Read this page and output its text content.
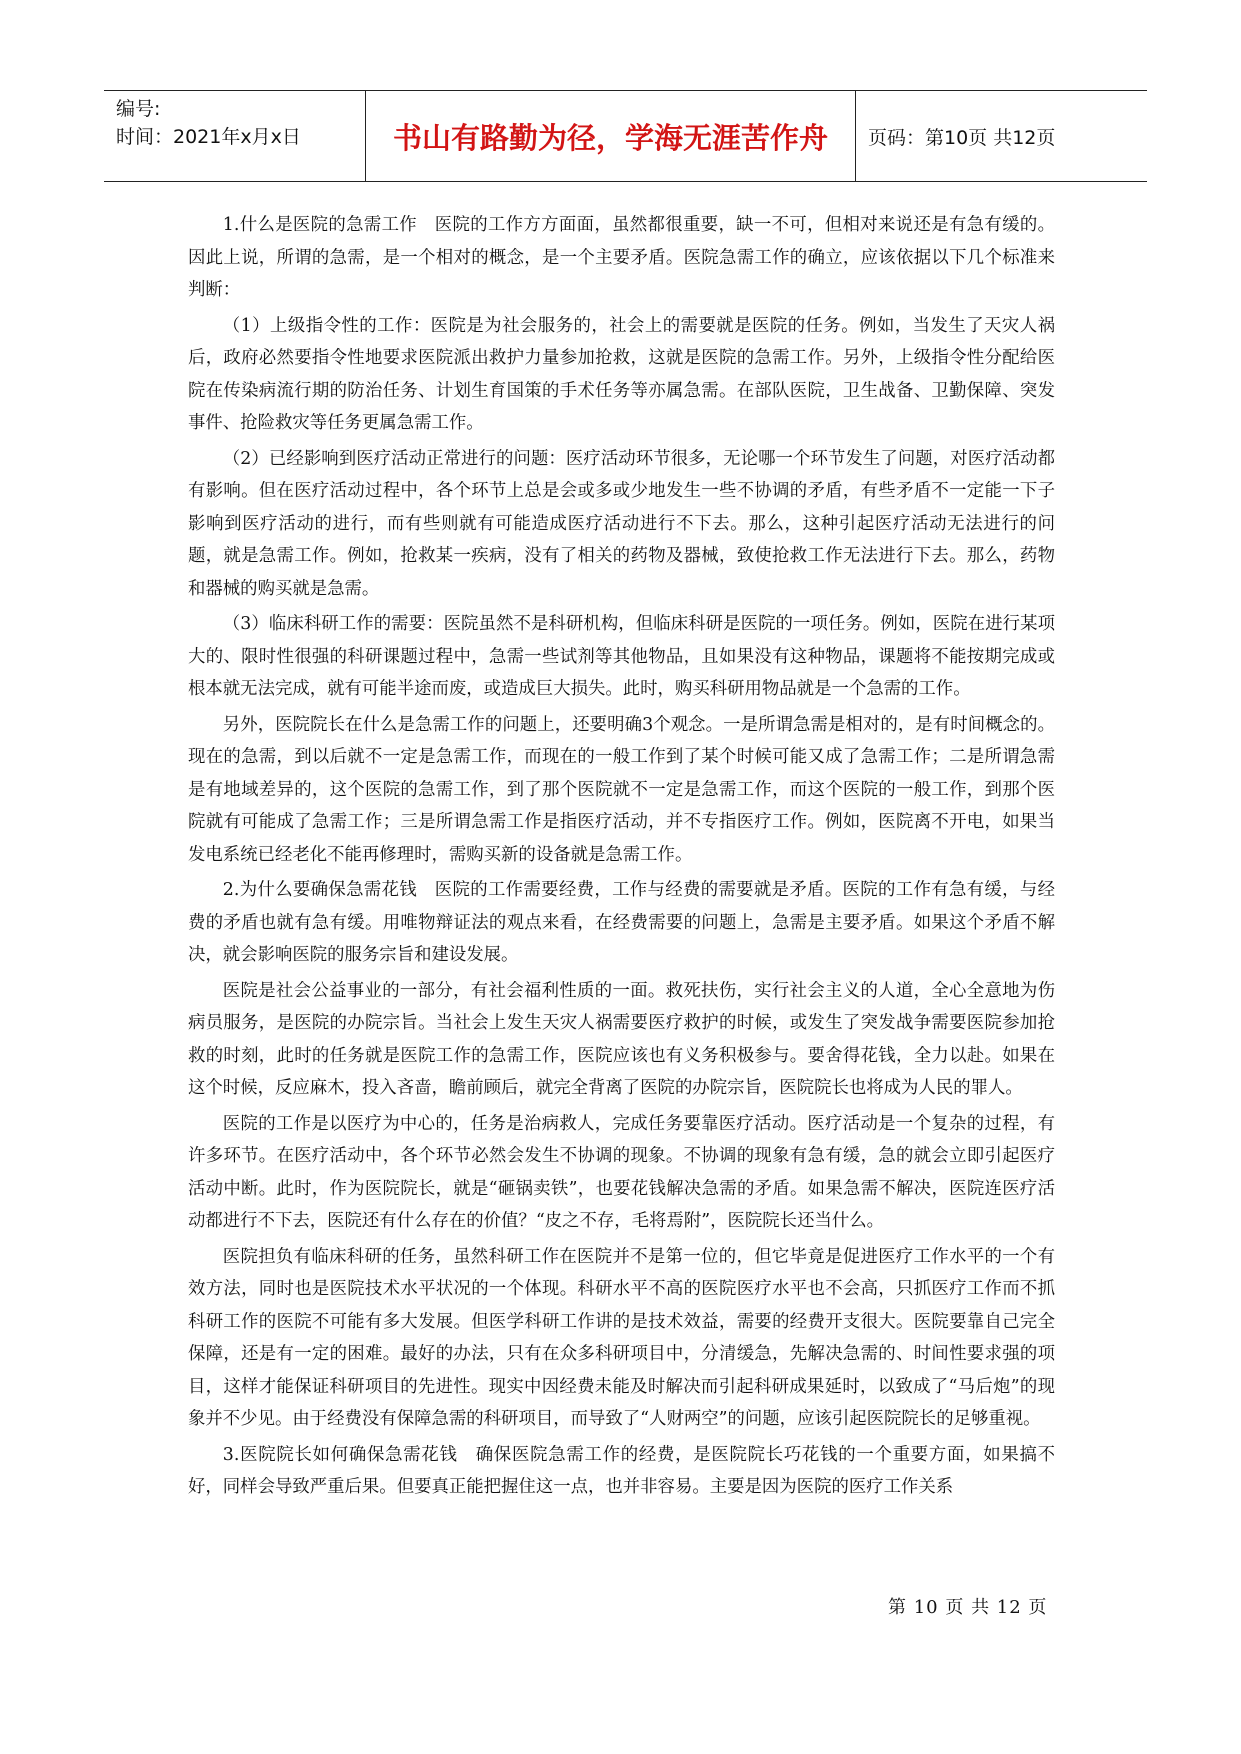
编号:
时间：2021年x月x日	书山有路勤为径，学海无涯苦作舟 页码：第10页 共12页

1.什么是医院的急需工作　医院的工作方方面面，虽然都很重要，缺一不可，但相对来说还是有急有缓的。因此上说，所谓的急需，是一个相对的概念，是一个主要矛盾。医院急需工作的确立，应该依据以下几个标准来判断：

（1）上级指令性的工作：医院是为社会服务的，社会上的需要就是医院的任务。例如，当发生了天灾人祸后，政府必然要指令性地要求医院派出救护力量参加抢救，这就是医院的急需工作。另外，上级指令性分配给医院在传染病流行期的防治任务、计划生育国策的手术任务等亦属急需。在部队医院，卫生战备、卫勤保障、突发事件、抢险救灾等任务更属急需工作。

（2）已经影响到医疗活动正常进行的问题：医疗活动环节很多，无论哪一个环节发生了问题，对医疗活动都有影响。但在医疗活动过程中，各个环节上总是会或多或少地发生一些不协调的矛盾，有些矛盾不一定能一下子影响到医疗活动的进行，而有些则就有可能造成医疗活动进行不下去。那么，这种引起医疗活动无法进行的问题，就是急需工作。例如，抢救某一疾病，没有了相关的药物及器械，致使抢救工作无法进行下去。那么，药物和器械的购买就是急需。

（3）临床科研工作的需要：医院虽然不是科研机构，但临床科研是医院的一项任务。例如，医院在进行某项大的、限时性很强的科研课题过程中，急需一些试剂等其他物品，且如果没有这种物品，课题将不能按期完成或根本就无法完成，就有可能半途而废，或造成巨大损失。此时，购买科研用物品就是一个急需的工作。

另外，医院院长在什么是急需工作的问题上，还要明确3个观念。一是所谓急需是相对的，是有时间概念的。现在的急需，到以后就不一定是急需工作，而现在的一般工作到了某个时候可能又成了急需工作；二是所谓急需是有地域差异的，这个医院的急需工作，到了那个医院就不一定是急需工作，而这个医院的一般工作，到那个医院就有可能成了急需工作；三是所谓急需工作是指医疗活动，并不专指医疗工作。例如，医院离不开电，如果当发电系统已经老化不能再修理时，需购买新的设备就是急需工作。

2.为什么要确保急需花钱　医院的工作需要经费，工作与经费的需要就是矛盾。医院的工作有急有缓，与经费的矛盾也就有急有缓。用唯物辩证法的观点来看，在经费需要的问题上，急需是主要矛盾。如果这个矛盾不解决，就会影响医院的服务宗旨和建设发展。

医院是社会公益事业的一部分，有社会福利性质的一面。救死扶伤，实行社会主义的人道，全心全意地为伤病员服务，是医院的办院宗旨。当社会上发生天灾人祸需要医疗救护的时候，或发生了突发战争需要医院参加抢救的时刻，此时的任务就是医院工作的急需工作，医院应该也有义务积极参与。要舍得花钱，全力以赴。如果在这个时候，反应麻木，投入吝啬，瞻前顾后，就完全背离了医院的办院宗旨，医院院长也将成为人民的罪人。

医院的工作是以医疗为中心的，任务是治病救人，完成任务要靠医疗活动。医疗活动是一个复杂的过程，有许多环节。在医疗活动中，各个环节必然会发生不协调的现象。不协调的现象有急有缓，急的就会立即引起医疗活动中断。此时，作为医院院长，就是“砸锅卖铁”，也要花钱解决急需的矛盾。如果急需不解决，医院连医疗活动都进行不下去，医院还有什么存在的价值？“皮之不存，毛将焉附”，医院院长还当什么。

医院担负有临床科研的任务，虽然科研工作在医院并不是第一位的，但它毕竟是促进医疗工作水平的一个有效方法，同时也是医院技术水平状况的一个体现。科研水平不高的医院医疗水平也不会高，只抓医疗工作而不抓科研工作的医院不可能有多大发展。但医学科研工作讲的是技术效益，需要的经费开支很大。医院要靠自己完全保障，还是有一定的困难。最好的办法，只有在众多科研项目中，分清缓急，先解决急需的、时间性要求强的项目，这样才能保证科研项目的先进性。现实中因经费未能及时解决而引起科研成果延时，以致成了“马后炮”的现象并不少见。由于经费没有保障急需的科研项目，而导致了“人财两空”的问题，应该引起医院院长的足够重视。

3.医院院长如何确保急需花钱　确保医院急需工作的经费，是医院院长巧花钱的一个重要方面，如果搞不好，同样会导致严重后果。但要真正能把握住这一点，也并非容易。主要是因为医院的医疗工作关系

第 10 页 共 12 页
